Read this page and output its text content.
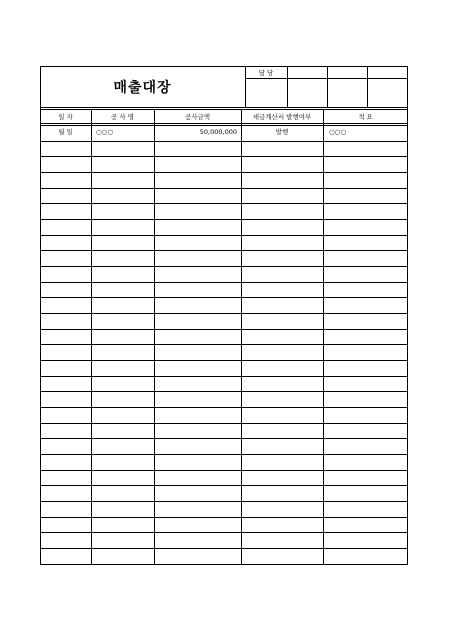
매출대장
담 당
일 자	공 사 명	공사금액	세금계산서 발행여부	적 요
월 일	○○○	50,000,000	발행	○○○
